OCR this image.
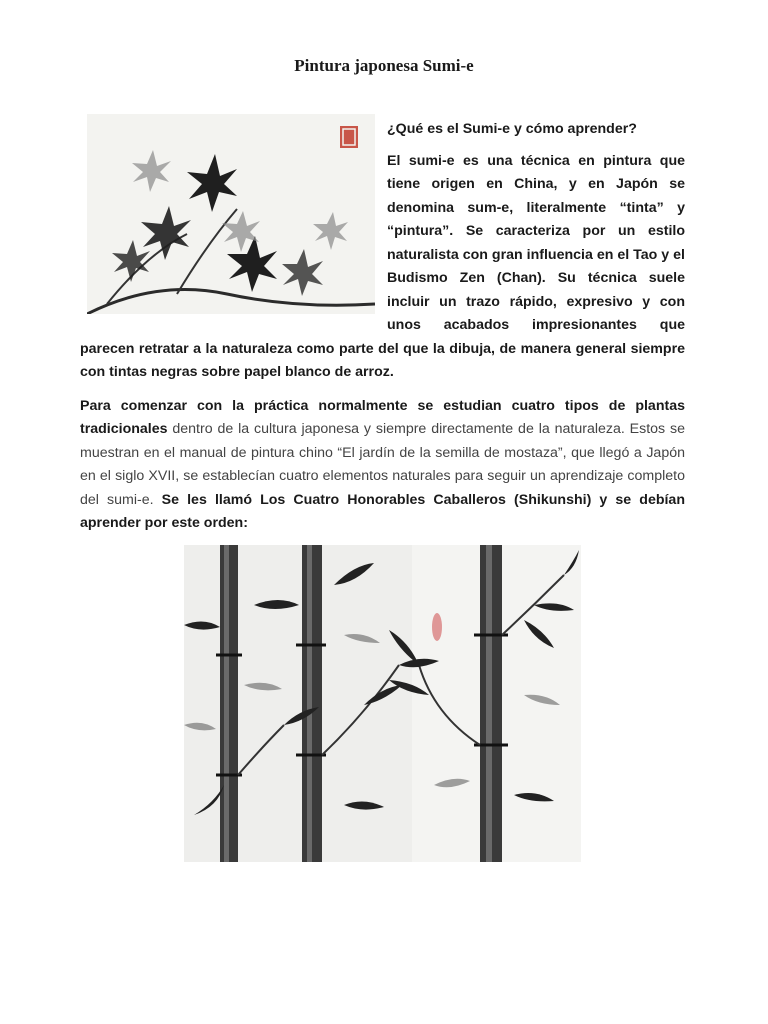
Pintura japonesa Sumi-e

¿Qué es el Sumi-e y cómo aprender?

El sumi-e es una técnica en pintura que tiene origen en China, y en Japón se denomina sum-e, literalmente “tinta” y “pintura”. Se caracteriza por un estilo naturalista con gran influencia en el Tao y el Budismo Zen (Chan). Su técnica suele incluir un trazo rápido, expresivo y con unos acabados impresionantes que parecen retratar a la naturaleza como parte del que la dibuja, de manera general siempre con tintas negras sobre papel blanco de arroz.

Para comenzar con la práctica normalmente se estudian cuatro tipos de plantas tradicionales dentro de la cultura japonesa y siempre directamente de la naturaleza. Estos se muestran en el manual de pintura chino “El jardín de la semilla de mostaza”, que llegó a Japón en el siglo XVII, se establecían cuatro elementos naturales para seguir un aprendizaje completo del sumi-e. Se les llamó Los Cuatro Honorables Caballeros (Shikunshi) y se debían aprender por este orden:
